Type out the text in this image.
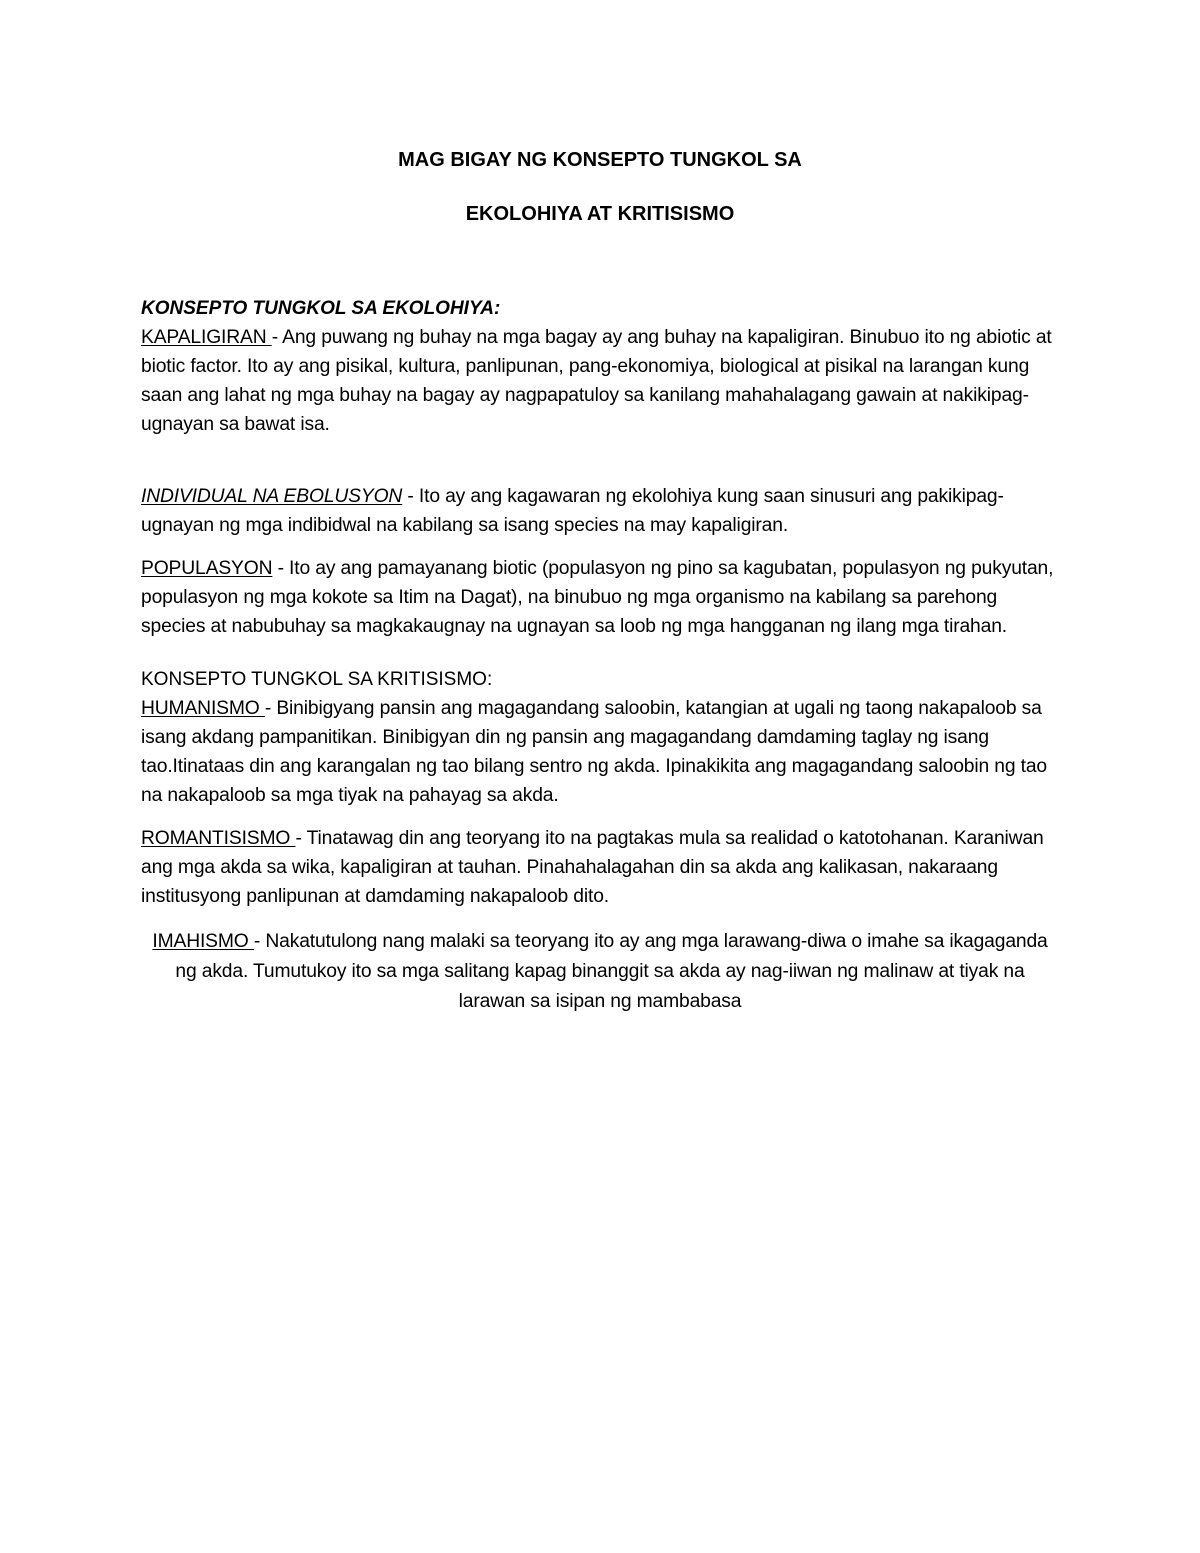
MAG BIGAY NG KONSEPTO TUNGKOL SA
EKOLOHIYA AT KRITISISMO
KONSEPTO TUNGKOL SA EKOLOHIYA:

KAPALIGIRAN - Ang puwang ng buhay na mga bagay ay ang buhay na kapaligiran. Binubuo ito ng abiotic at biotic factor. Ito ay ang pisikal, kultura, panlipunan, pang-ekonomiya, biological at pisikal na larangan kung saan ang lahat ng mga buhay na bagay ay nagpapatuloy sa kanilang mahahalagang gawain at nakikipag-ugnayan sa bawat isa.

INDIVIDUAL NA EBOLUSYON - Ito ay ang kagawaran ng ekolohiya kung saan sinusuri ang pakikipag-ugnayan ng mga indibidwal na kabilang sa isang species na may kapaligiran.

POPULASYON - Ito ay ang pamayanang biotic (populasyon ng pino sa kagubatan, populasyon ng pukyutan, populasyon ng mga kokote sa Itim na Dagat), na binubuo ng mga organismo na kabilang sa parehong species at nabubuhay sa magkakaugnay na ugnayan sa loob ng mga hangganan ng ilang mga tirahan.

KONSEPTO TUNGKOL SA KRITISISMO:

HUMANISMO - Binibigyang pansin ang magagandang saloobin, katangian at ugali ng taong nakapaloob sa isang akdang pampanitikan. Binibigyan din ng pansin ang magagandang damdaming taglay ng isang tao.Itinataas din ang karangalan ng tao bilang sentro ng akda. Ipinakikita ang magagandang saloobin ng tao na nakapaloob sa mga tiyak na pahayag sa akda.

ROMANTISISMO - Tinatawag din ang teoryang ito na pagtakas mula sa realidad o katotohanan. Karaniwan ang mga akda sa wika, kapaligiran at tauhan. Pinahahalagahan din sa akda ang kalikasan, nakaraang institusyong panlipunan at damdaming nakapaloob dito.

IMAHISMO - Nakatutulong nang malaki sa teoryang ito ay ang mga larawang-diwa o imahe sa ikagaganda ng akda. Tumutukoy ito sa mga salitang kapag binanggit sa akda ay nag-iiwan ng malinaw at tiyak na larawan sa isipan ng mambabasa
